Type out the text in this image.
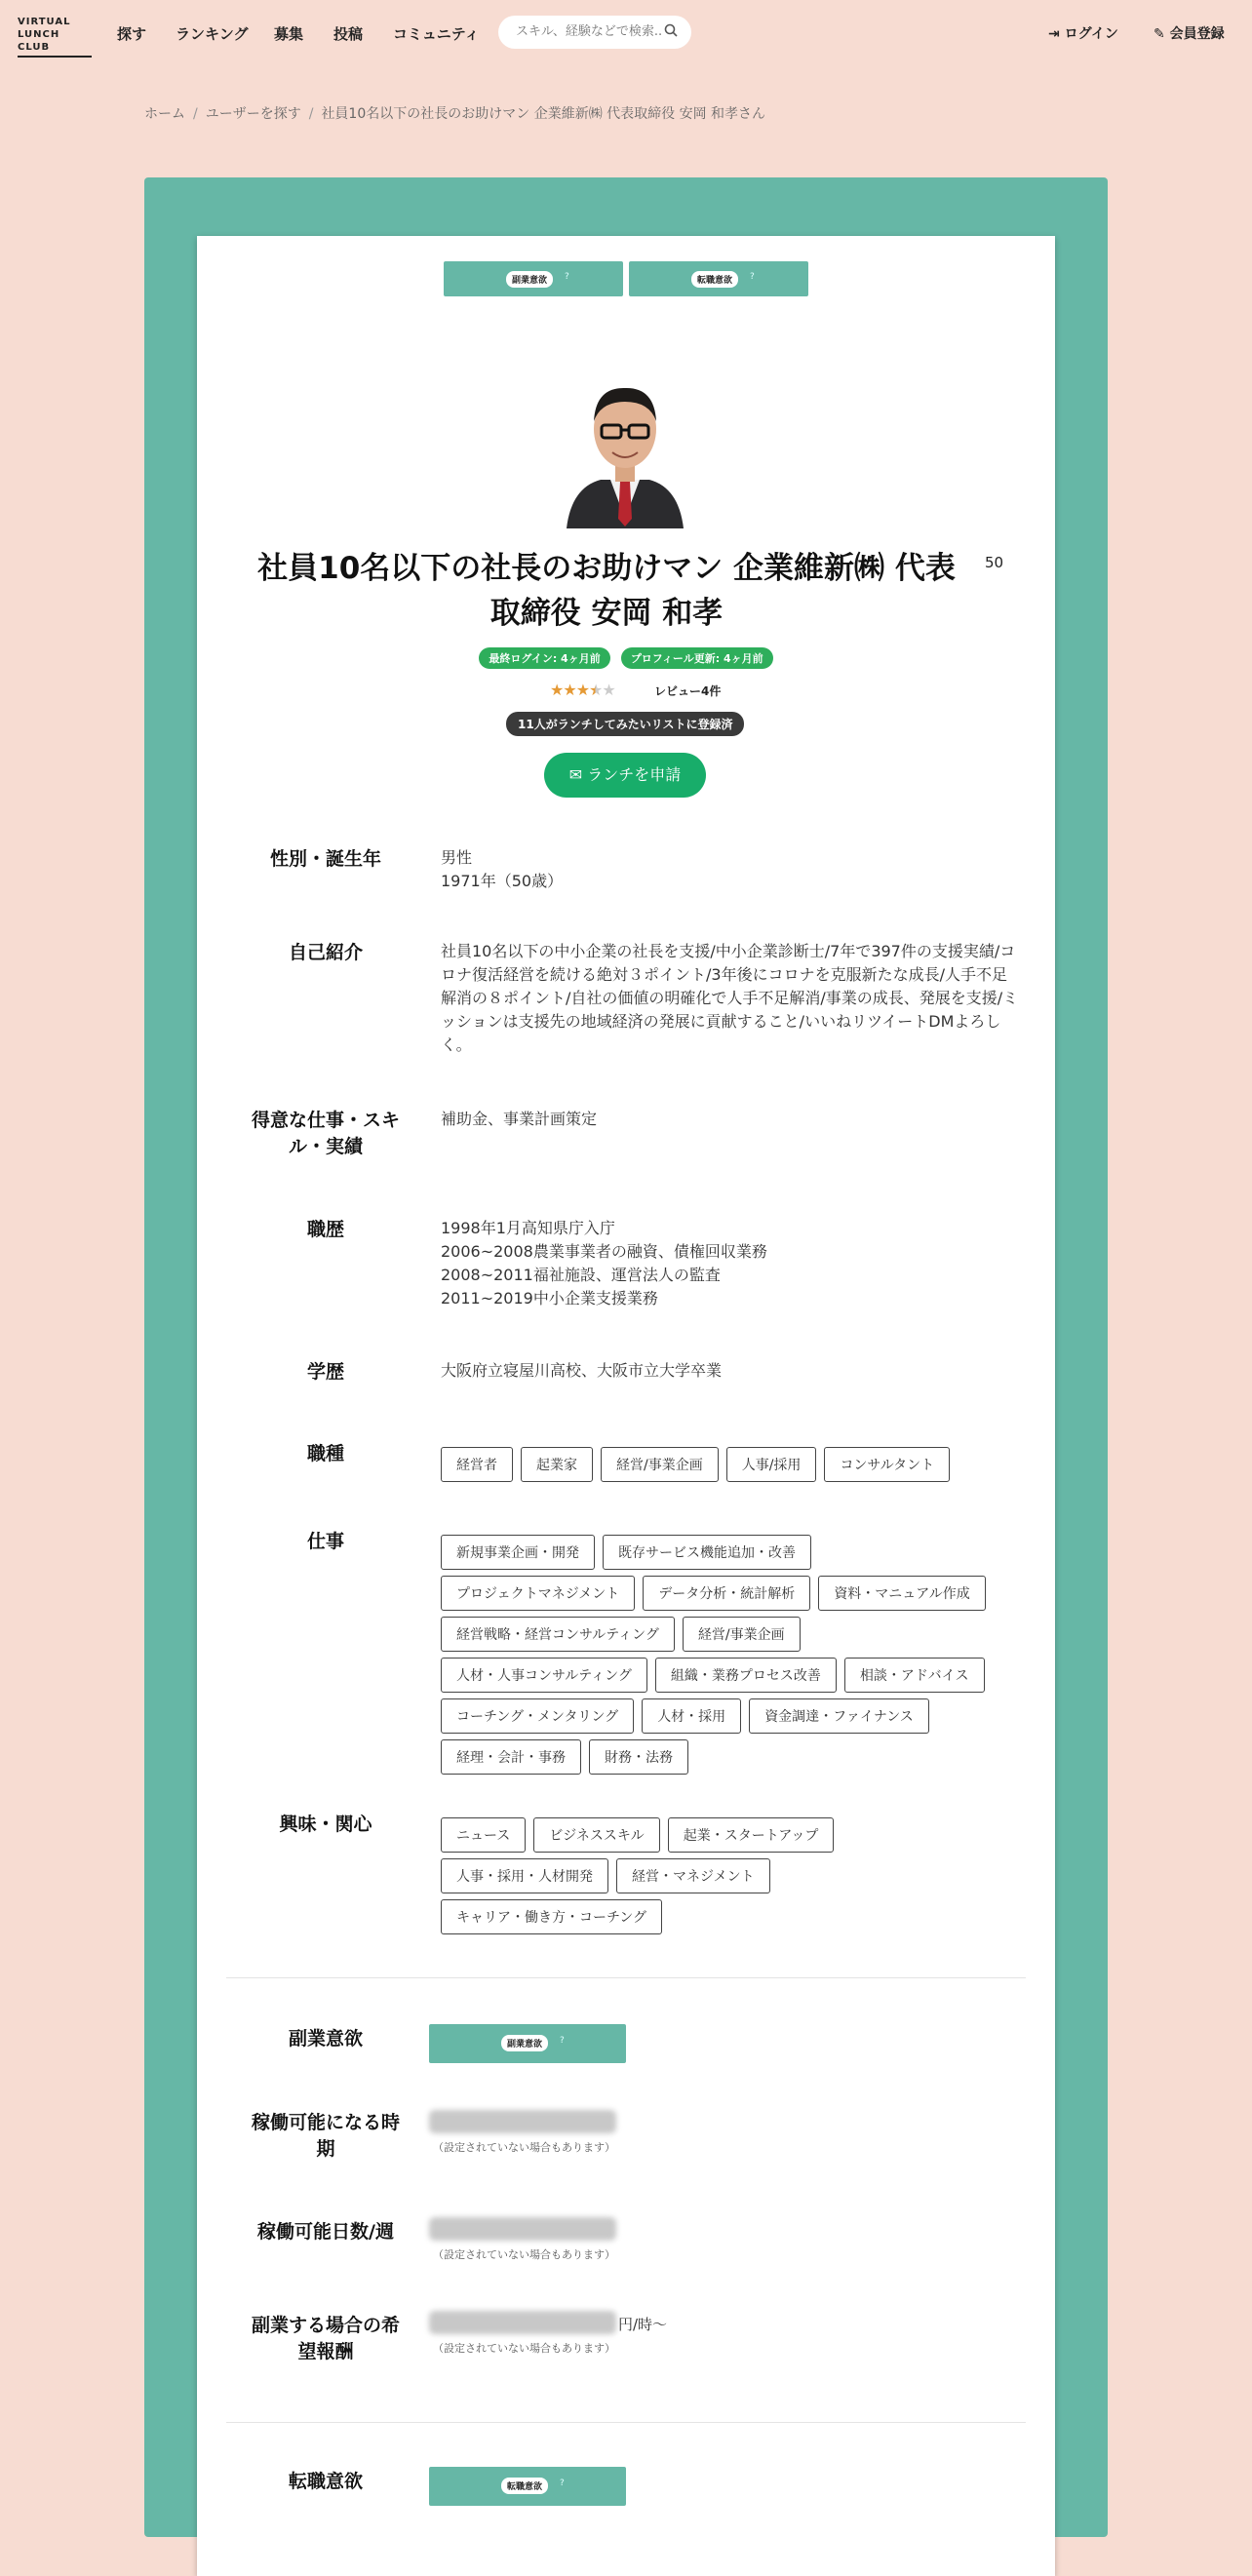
VIRTUAL
LUNCH CLUB
探す ランキング 募集 投稿 コミュニティ
スキル、経験などで検索...	⇥ ログイン	✎ 会員登録
ホーム / ユーザーを探す / 社員10名以下の社長のお助けマン 企業維新㈱ 代表取締役 安岡 和孝さん
副業意欲	?	転職意欲	?
社員10名以下の社長のお助けマン 企業維新㈱ 代表
取締役 安岡 和孝
50
最終ログイン: 4ヶ月前	プロフィール更新: 4ヶ月前
★★★★★	レビュー4件
11人がランチしてみたいリストに登録済
✉ ランチを申請
性別・誕生年	男性
1971年（50歳）
自己紹介	社員10名以下の中小企業の社長を支援/中小企業診断士/7年で397件の支援実績/コロナ復活経営を続ける絶対３ポイント/3年後にコロナを克服新たな成長/人手不足解消の８ポイント/自社の価値の明確化で人手不足解消/事業の成長、発展を支援/ミッションは支援先の地域経済の発展に貢献すること/いいねリツイートDMよろしく。
得意な仕事・スキ
ル・実績
補助金、事業計画策定
職歴	1998年1月高知県庁入庁
2006~2008農業事業者の融資、債権回収業務
2008~2011福祉施設、運営法人の監査
2011~2019中小企業支援業務
学歴	大阪府立寝屋川高校、大阪市立大学卒業
職種
経営者	起業家	経営/事業企画	人事/採用	コンサルタント
仕事
新規事業企画・開発	既存サービス機能追加・改善
プロジェクトマネジメント	データ分析・統計解析	資料・マニュアル作成
経営戦略・経営コンサルティング	経営/事業企画
人材・人事コンサルティング	組織・業務プロセス改善	相談・アドバイス
コーチング・メンタリング	人材・採用	資金調達・ファイナンス
経理・会計・事務	財務・法務
興味・関心
ニュース	ビジネススキル	起業・スタートアップ
人事・採用・人材開発	経営・マネジメント
キャリア・働き方・コーチング
副業意欲	副業意欲	?
稼働可能になる時
期	（設定されていない場合もあります）
稼働可能日数/週
（設定されていない場合もあります）
副業する場合の希
望報酬
円/時〜
（設定されていない場合もあります）
転職意欲	転職意欲	?
